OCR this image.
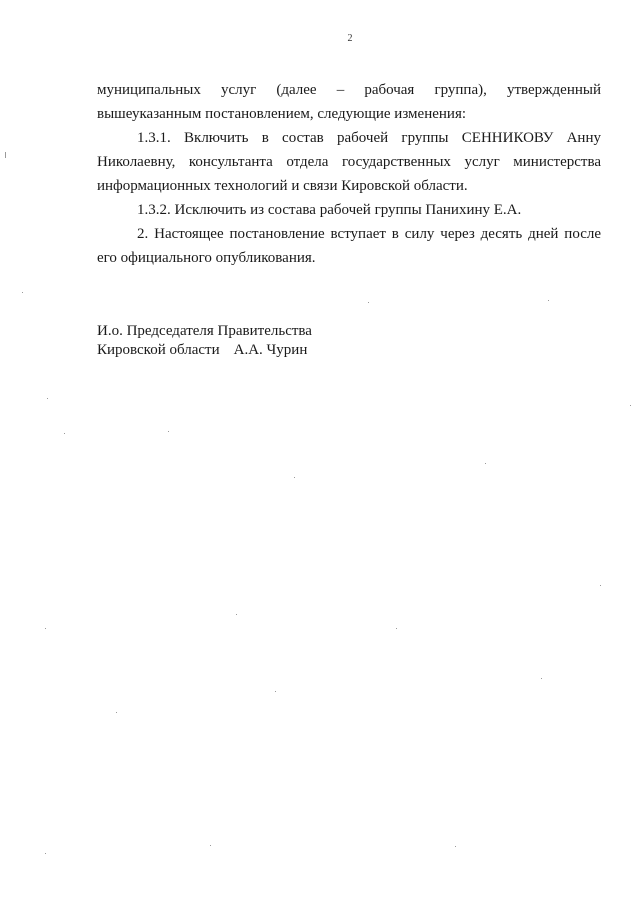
2

муниципальных услуг (далее – рабочая группа), утвержденный вышеуказанным постановлением, следующие изменения:

1.3.1. Включить в состав рабочей группы СЕННИКОВУ Анну Николаевну, консультанта отдела государственных услуг министерства информационных технологий и связи Кировской области.

1.3.2. Исключить из состава рабочей группы Панихину Е.А.

2. Настоящее постановление вступает в силу через десять дней после его официального опубликования.

И.о. Председателя Правительства
Кировской области А.А. Чурин
